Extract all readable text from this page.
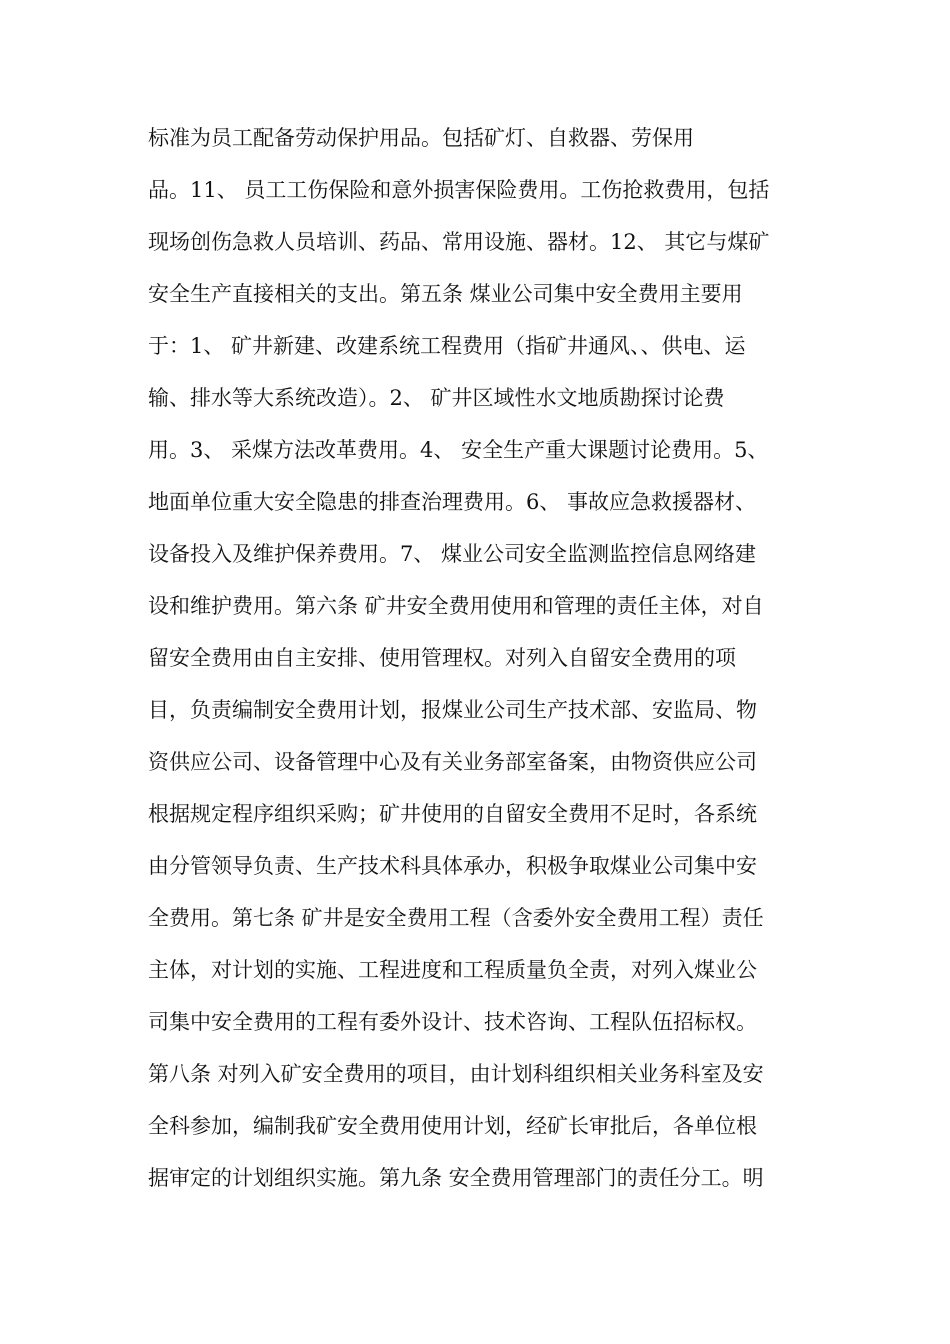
标准为员工配备劳动保护用品。包括矿灯、自救器、劳保用
品。11、 员工工伤保险和意外损害保险费用。工伤抢救费用，包括
现场创伤急救人员培训、药品、常用设施、器材。12、 其它与煤矿
安全生产直接相关的支出。第五条 煤业公司集中安全费用主要用
于：1、 矿井新建、改建系统工程费用（指矿井通风、、供电、运
输、排水等大系统改造）。2、 矿井区域性水文地质勘探讨论费
用。3、 采煤方法改革费用。4、 安全生产重大课题讨论费用。5、
地面单位重大安全隐患的排查治理费用。6、 事故应急救援器材、
设备投入及维护保养费用。7、 煤业公司安全监测监控信息网络建
设和维护费用。第六条 矿井安全费用使用和管理的责任主体，对自
留安全费用由自主安排、使用管理权。对列入自留安全费用的项
目，负责编制安全费用计划，报煤业公司生产技术部、安监局、物
资供应公司、设备管理中心及有关业务部室备案，由物资供应公司
根据规定程序组织采购；矿井使用的自留安全费用不足时，各系统
由分管领导负责、生产技术科具体承办，积极争取煤业公司集中安
全费用。第七条 矿井是安全费用工程（含委外安全费用工程）责任
主体，对计划的实施、工程进度和工程质量负全责，对列入煤业公
司集中安全费用的工程有委外设计、技术咨询、工程队伍招标权。
第八条 对列入矿安全费用的项目，由计划科组织相关业务科室及安
全科参加，编制我矿安全费用使用计划，经矿长审批后，各单位根
据审定的计划组织实施。第九条 安全费用管理部门的责任分工。明
